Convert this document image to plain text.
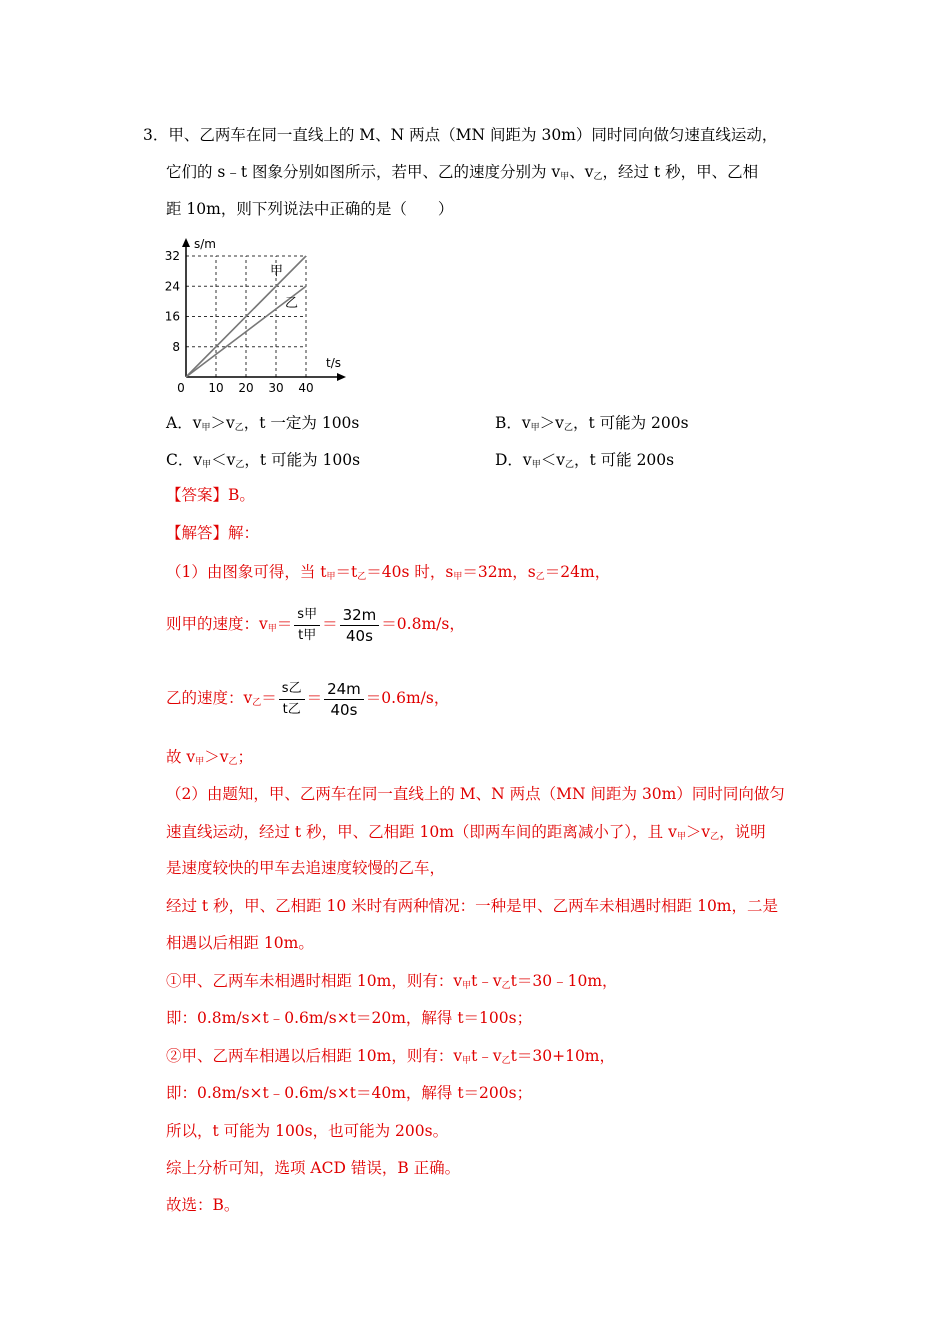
3．甲、乙两车在同一直线上的 M、N 两点（MN 间距为 30m）同时同向做匀速直线运动，
它们的 s﹣t 图象分别如图所示，若甲、乙的速度分别为 $v_甲$、$v_乙$，经过 t 秒，甲、乙相
距 10m，则下列说法中正确的是（　　）
甲
乙
0 10 20 30 40
8
16
24
32
t/s
s/m
A．$v_甲>v_乙$，t 一定为 100s	B．$v_甲>v_乙$，t 可能为 200s
C．$v_甲<v_乙$，t 可能为 100s	D．$v_甲<v_乙$，t 可能 200s
【答案】B。
【解答】解：
（1）由图象可得，当 $t_甲=t_乙=40s$ 时，$s_甲=32m$，$s_乙=24m$，
则甲的速度：$v_甲= \frac{\text{s甲}}{\text{t甲}} = \frac{32m}{40s} =0.8m/s$，
乙的速度：$v_乙= \frac{\text{s乙}}{\text{t乙}} = \frac{24m}{40s} =0.6m/s$，
故 $v_甲>v_乙$；
（2）由题知，甲、乙两车在同一直线上的 M、N 两点（MN 间距为 30m）同时同向做匀
速直线运动，经过 t 秒，甲、乙相距 10m（即两车间的距离减小了），且 $v_甲>v_乙$，说明
是速度较快的甲车去追速度较慢的乙车，
经过 t 秒，甲、乙相距 10 米时有两种情况：一种是甲、乙两车未相遇时相距 10m，二是
相遇以后相距 10m。
①甲、乙两车未相遇时相距 10m，则有：$v_甲t﹣v_乙t=30﹣10m$，
即：0.8m/s×t﹣0.6m/s×t＝20m，解得 t＝100s；
②甲、乙两车相遇以后相距 10m，则有：$v_甲t﹣v_乙t=30+10m$，
即：0.8m/s×t﹣0.6m/s×t＝40m，解得 t＝200s；
所以，t 可能为 100s，也可能为 200s。
综上分析可知，选项 ACD 错误，B 正确。
故选：B。
